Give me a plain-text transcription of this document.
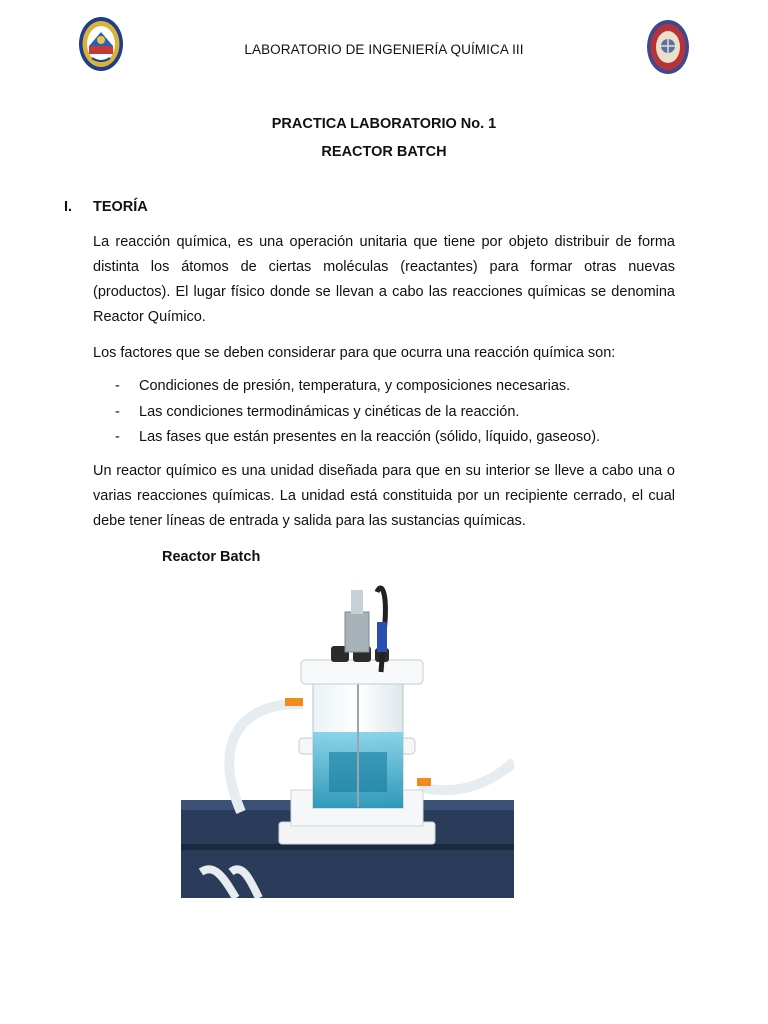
LABORATORIO DE INGENIERÍA QUÍMICA III
PRACTICA LABORATORIO No. 1
REACTOR BATCH
I. TEORÍA

La reacción química, es una operación unitaria que tiene por objeto distribuir de forma distinta los átomos de ciertas moléculas (reactantes) para formar otras nuevas (productos). El lugar físico donde se llevan a cabo las reacciones químicas se denomina Reactor Químico.

Los factores que se deben considerar para que ocurra una reacción química son:

- Condiciones de presión, temperatura, y composiciones necesarias.
- Las condiciones termodinámicas y cinéticas de la reacción.
- Las fases que están presentes en la reacción (sólido, líquido, gaseoso).

Un reactor químico es una unidad diseñada para que en su interior se lleve a cabo una o varias reacciones químicas. La unidad está constituida por un recipiente cerrado, el cual debe tener líneas de entrada y salida para las sustancias químicas.

Reactor Batch
